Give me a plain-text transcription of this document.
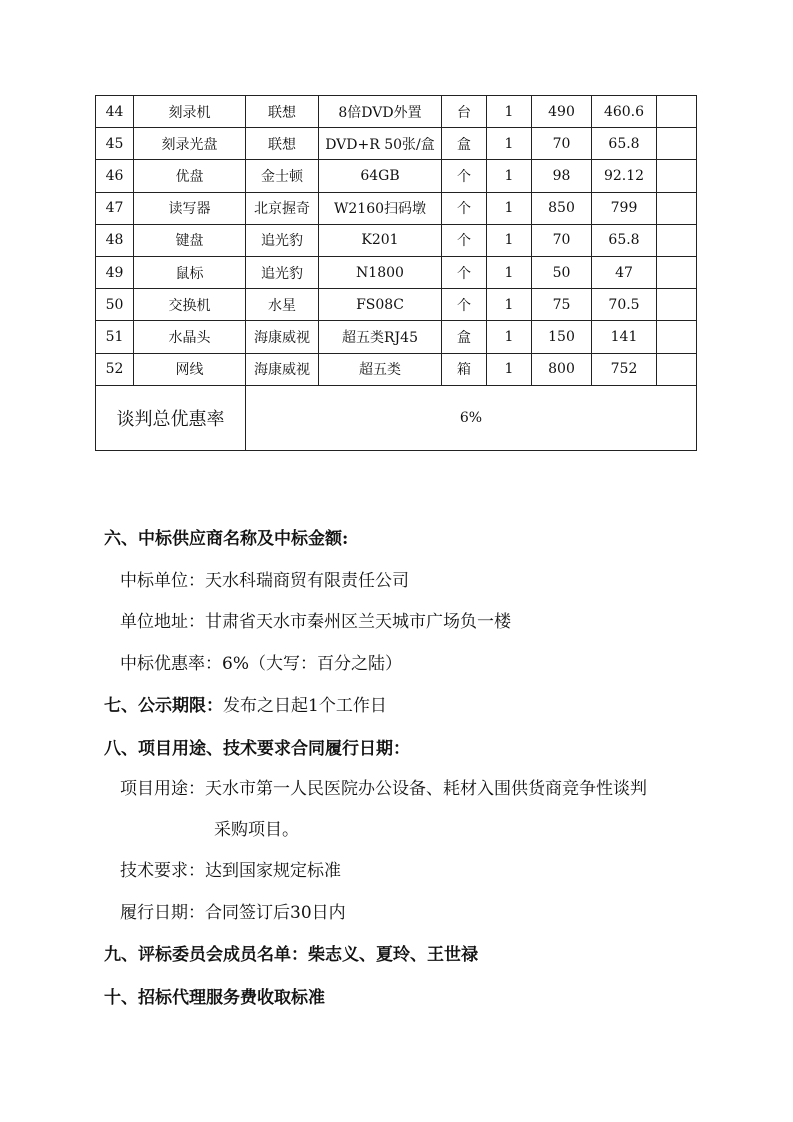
44	刻录机	联想	8倍DVD外置	台	1	490	460.6	
45	刻录光盘	联想	DVD+R 50张/盒	盒	1	70	65.8	
46	优盘	金士顿	64GB	个	1	98	92.12	
47	读写器	北京握奇	W2160扫码墩	个	1	850	799	
48	键盘	追光豹	K201	个	1	70	65.8	
49	鼠标	追光豹	N1800	个	1	50	47	
50	交换机	水星	FS08C	个	1	75	70.5	
51	水晶头	海康威视	超五类RJ45	盒	1	150	141	
52	网线	海康威视	超五类	箱	1	800	752	
谈判总优惠率		6%						
六、中标供应商名称及中标金额:
中标单位：天水科瑞商贸有限责任公司
单位地址：甘肃省天水市秦州区兰天城市广场负一楼
中标优惠率：6%（大写：百分之陆）
七、公示期限：发布之日起1个工作日
八、项目用途、技术要求合同履行日期：
项目用途：天水市第一人民医院办公设备、耗材入围供货商竞争性谈判
采购项目。
技术要求：达到国家规定标准
履行日期：合同签订后30日内
九、评标委员会成员名单：柴志义、夏玲、王世禄
十、招标代理服务费收取标准
